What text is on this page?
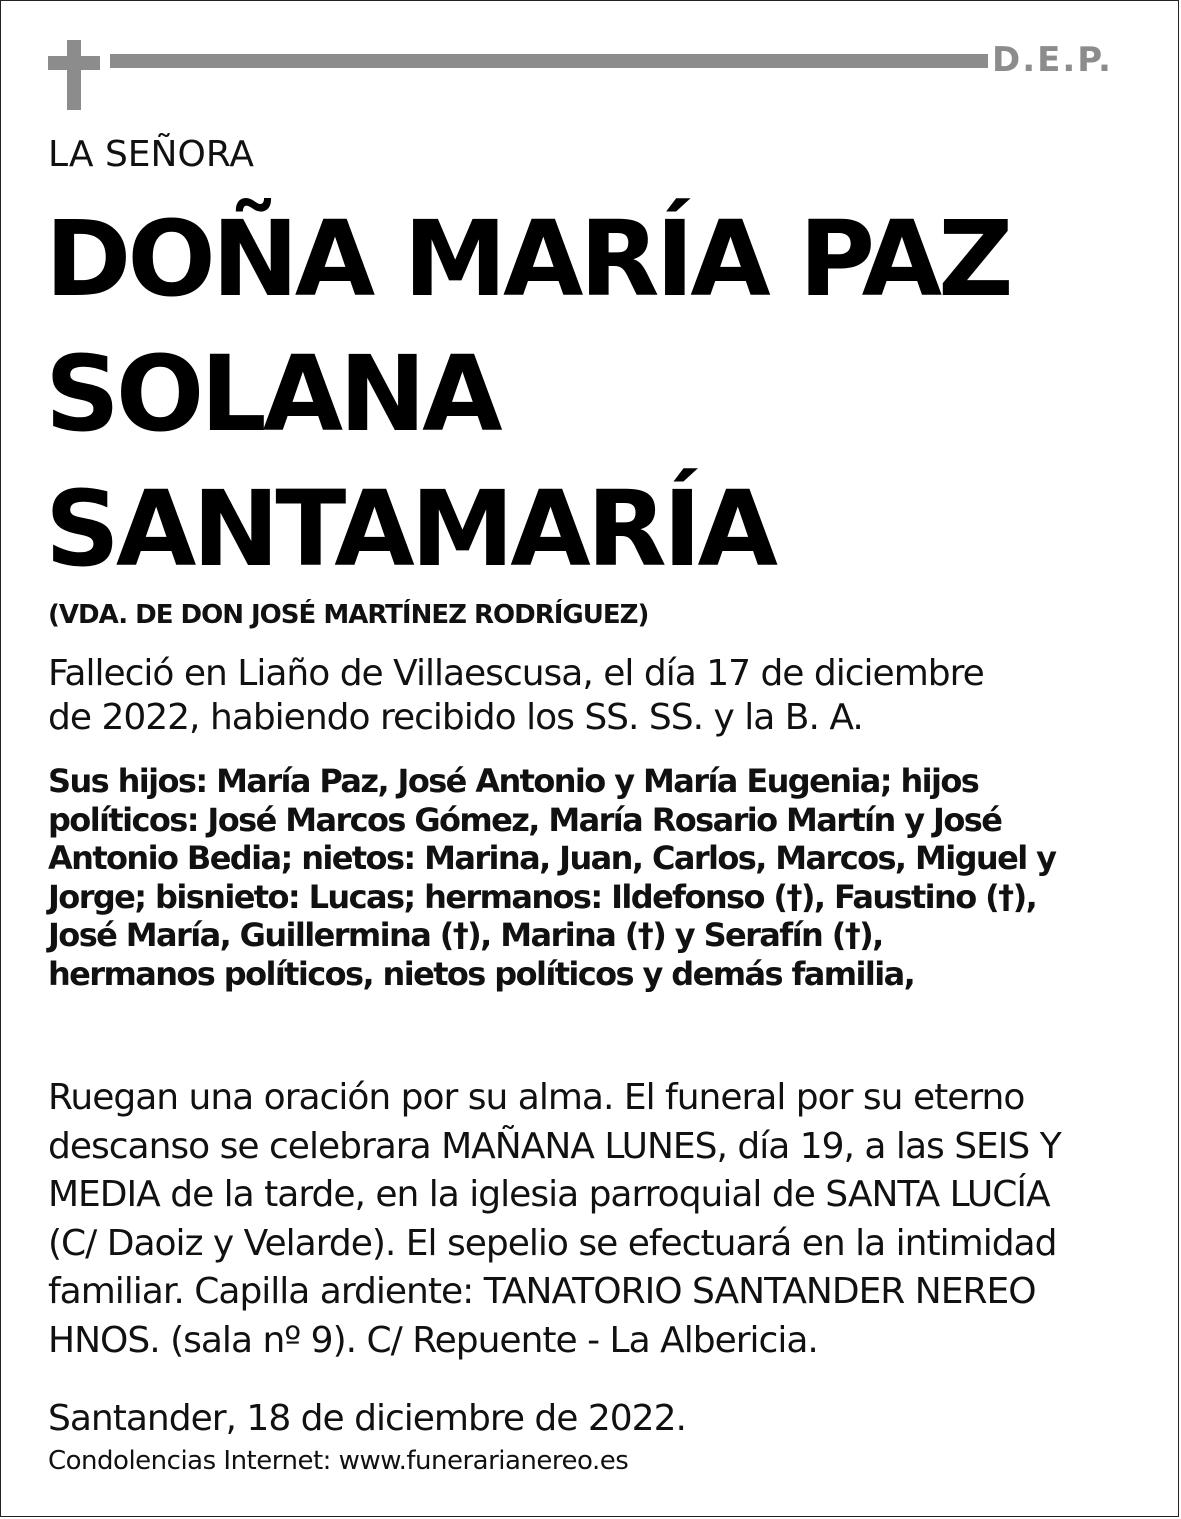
D.E.P.
LA SEÑORA
DOÑA MARÍA PAZ
SOLANA
SANTAMARÍA
(VDA. DE DON JOSÉ MARTÍNEZ RODRÍGUEZ)
Falleció en Liaño de Villaescusa, el día 17 de diciembre
de 2022, habiendo recibido los SS. SS. y la B. A.
Sus hijos: María Paz, José Antonio y María Eugenia; hijos
políticos: José Marcos Gómez, María Rosario Martín y José
Antonio Bedia; nietos: Marina, Juan, Carlos, Marcos, Miguel y
Jorge; bisnieto: Lucas; hermanos: Ildefonso (†), Faustino (†),
José María, Guillermina (†), Marina (†) y Serafín (†),
hermanos políticos, nietos políticos y demás familia,
Ruegan una oración por su alma. El funeral por su eterno
descanso se celebrara MAÑANA LUNES, día 19, a las SEIS Y
MEDIA de la tarde, en la iglesia parroquial de SANTA LUCÍA
(C/ Daoiz y Velarde). El sepelio se efectuará en la intimidad
familiar. Capilla ardiente: TANATORIO SANTANDER NEREO
HNOS. (sala nº 9). C/ Repuente - La Albericia.
Santander, 18 de diciembre de 2022.
Condolencias Internet: www.funerarianereo.es
